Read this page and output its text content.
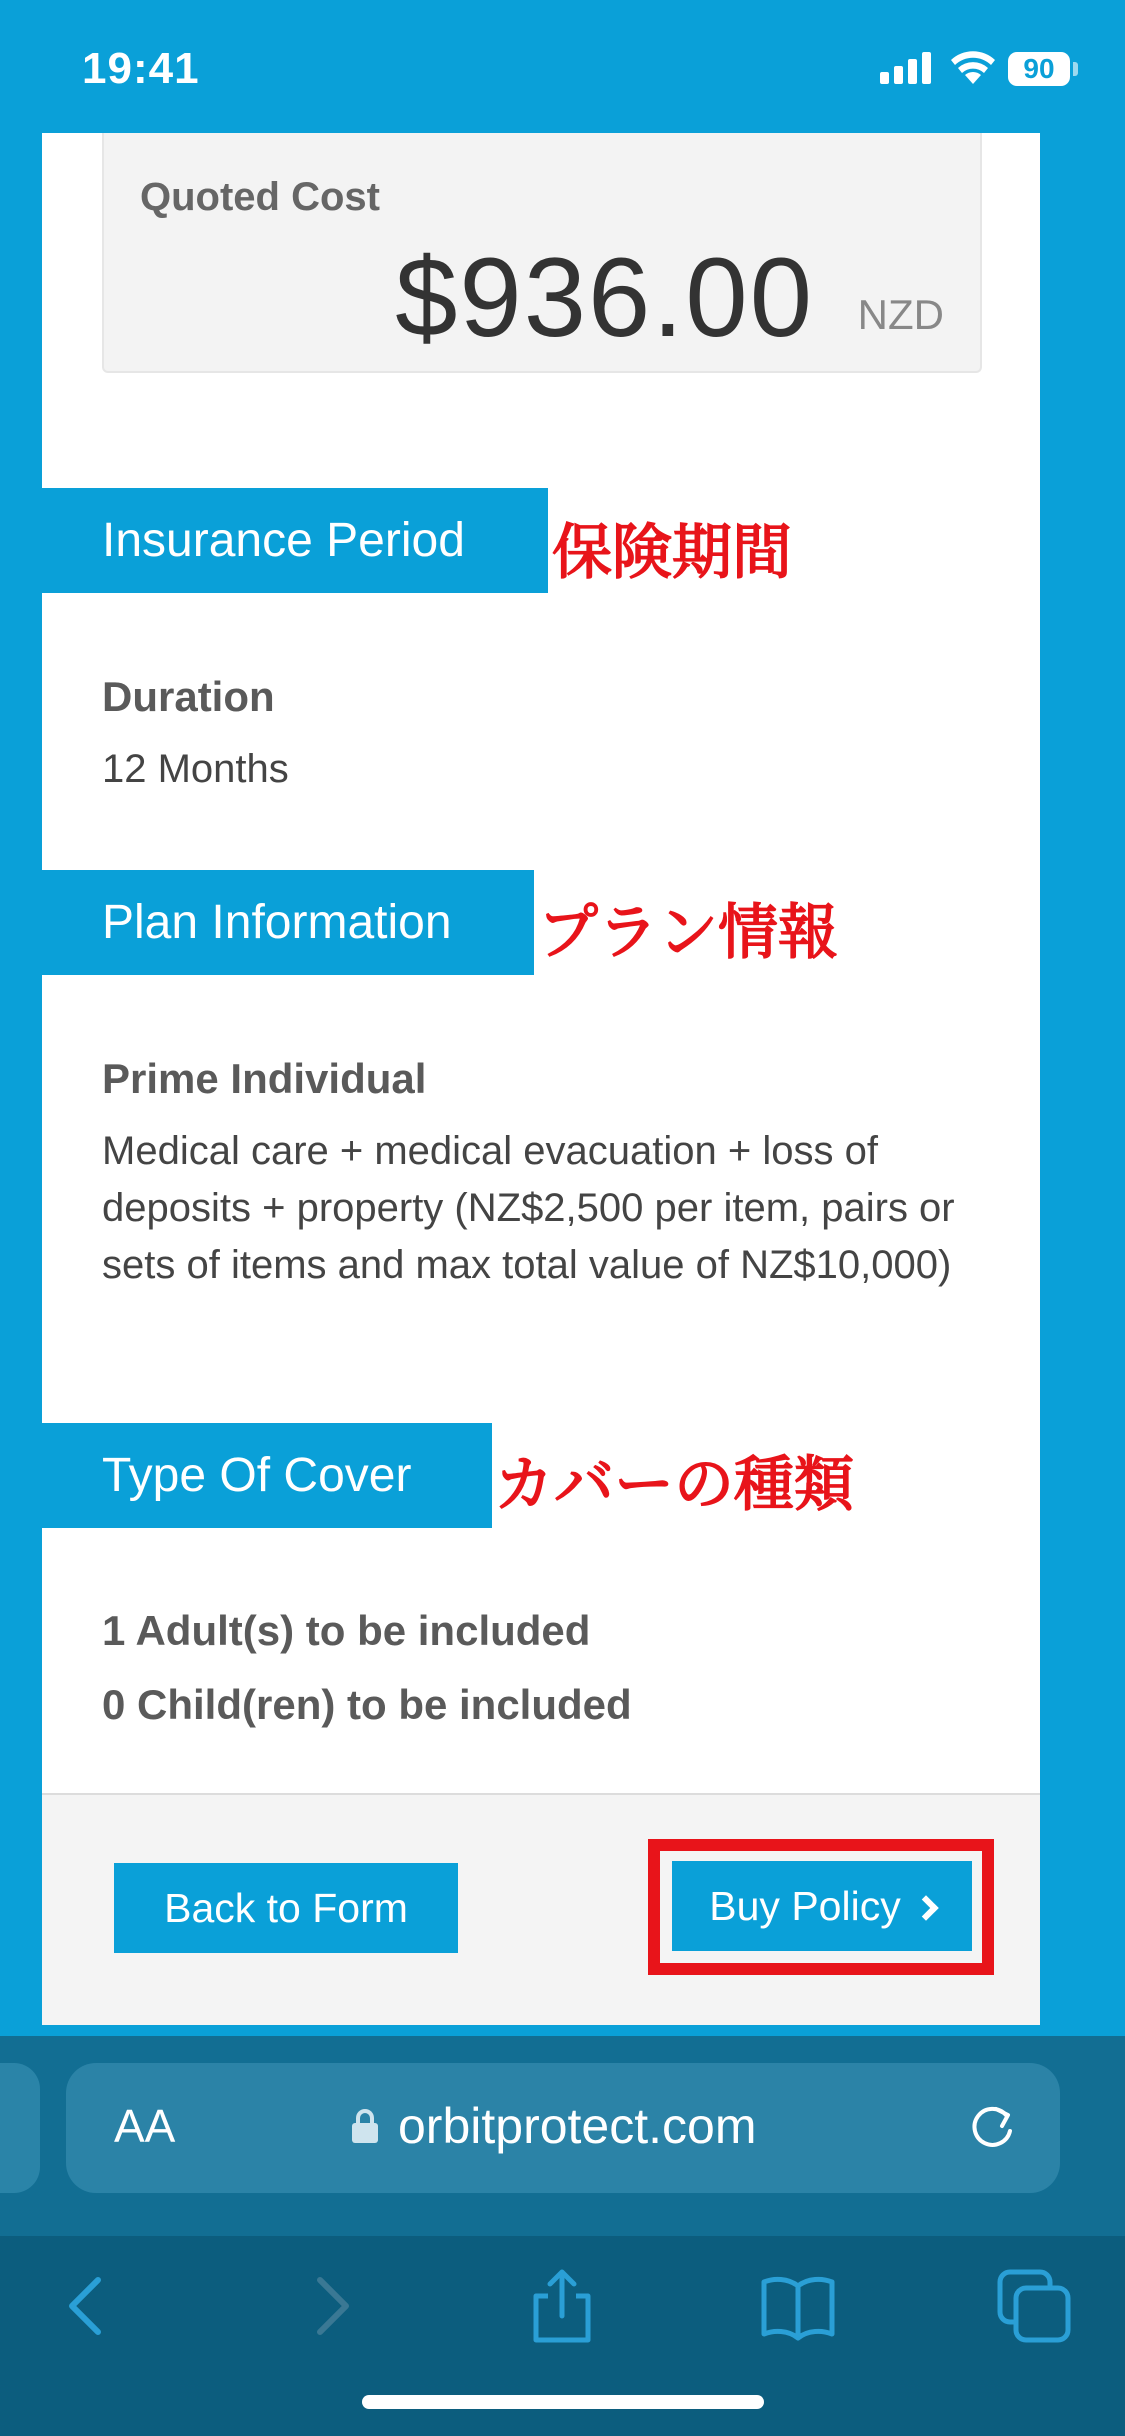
19:41	90
Quoted Cost
$936.00 NZD
Insurance Period	保険期間
Duration
12 Months
Plan Information	プラン情報
Prime Individual
Medical care + medical evacuation + loss of deposits + property (NZ$2,500 per item, pairs or sets of items and max total value of NZ$10,000)
Type Of Cover	カバーの種類
1 Adult(s) to be included
0 Child(ren) to be included
Back to Form	Buy Policy
AA	orbitprotect.com
